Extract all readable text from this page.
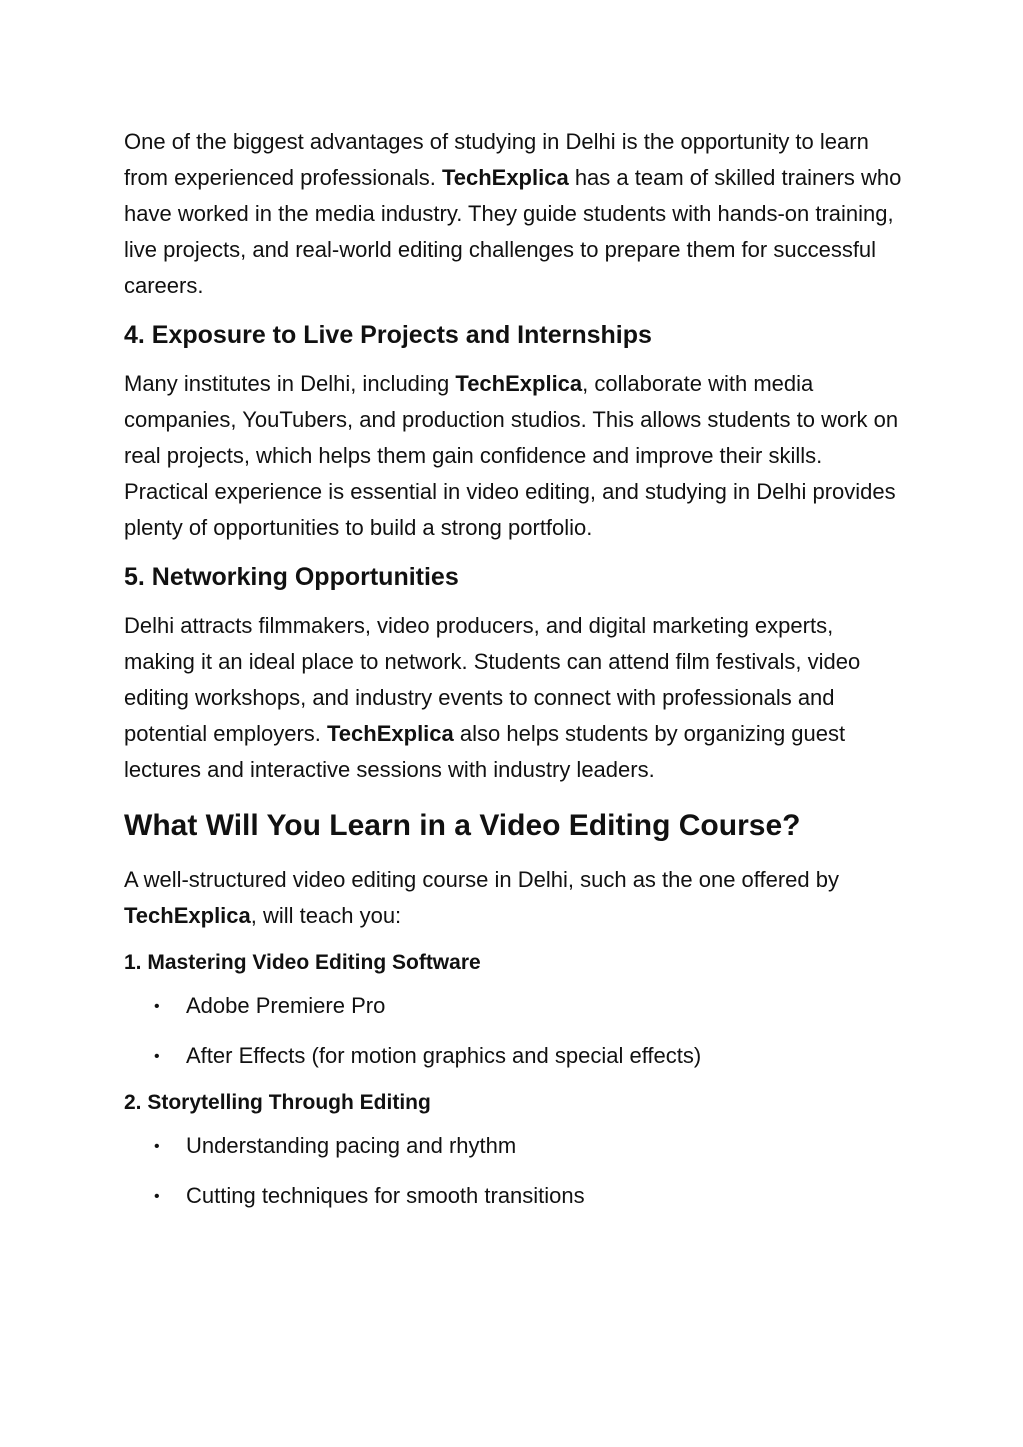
One of the biggest advantages of studying in Delhi is the opportunity to learn from experienced professionals. TechExplica has a team of skilled trainers who have worked in the media industry. They guide students with hands-on training, live projects, and real-world editing challenges to prepare them for successful careers.

4. Exposure to Live Projects and Internships

Many institutes in Delhi, including TechExplica, collaborate with media companies, YouTubers, and production studios. This allows students to work on real projects, which helps them gain confidence and improve their skills. Practical experience is essential in video editing, and studying in Delhi provides plenty of opportunities to build a strong portfolio.

5. Networking Opportunities

Delhi attracts filmmakers, video producers, and digital marketing experts, making it an ideal place to network. Students can attend film festivals, video editing workshops, and industry events to connect with professionals and potential employers. TechExplica also helps students by organizing guest lectures and interactive sessions with industry leaders.

What Will You Learn in a Video Editing Course?

A well-structured video editing course in Delhi, such as the one offered by TechExplica, will teach you:

1. Mastering Video Editing Software
• Adobe Premiere Pro
• After Effects (for motion graphics and special effects)
2. Storytelling Through Editing
• Understanding pacing and rhythm
• Cutting techniques for smooth transitions
